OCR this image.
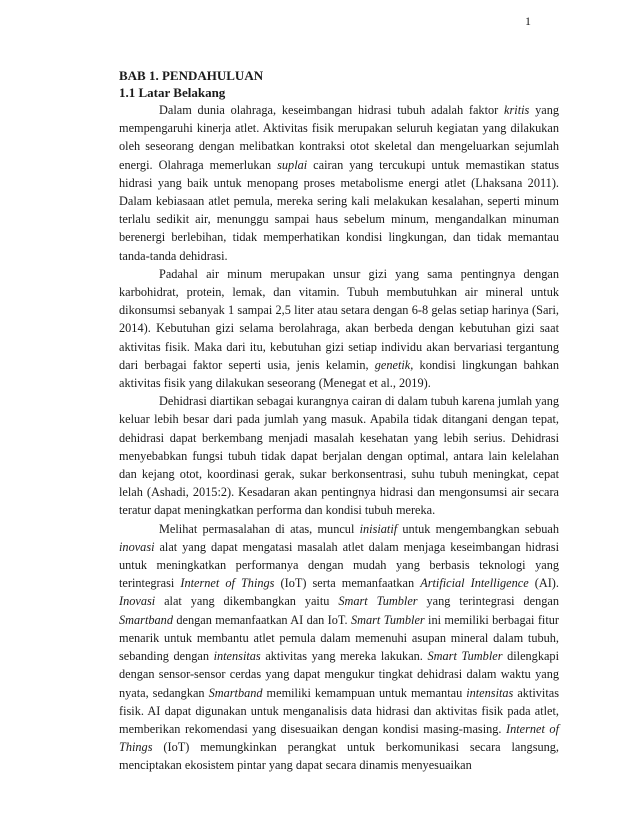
1

BAB 1. PENDAHULUAN

1.1 Latar Belakang

Dalam dunia olahraga, keseimbangan hidrasi tubuh adalah faktor kritis yang mempengaruhi kinerja atlet. Aktivitas fisik merupakan seluruh kegiatan yang dilakukan oleh seseorang dengan melibatkan kontraksi otot skeletal dan mengeluarkan sejumlah energi. Olahraga memerlukan suplai cairan yang tercukupi untuk memastikan status hidrasi yang baik untuk menopang proses metabolisme energi atlet (Lhaksana 2011). Dalam kebiasaan atlet pemula, mereka sering kali melakukan kesalahan, seperti minum terlalu sedikit air, menunggu sampai haus sebelum minum, mengandalkan minuman berenergi berlebihan, tidak memperhatikan kondisi lingkungan, dan tidak memantau tanda-tanda dehidrasi.

Padahal air minum merupakan unsur gizi yang sama pentingnya dengan karbohidrat, protein, lemak, dan vitamin. Tubuh membutuhkan air mineral untuk dikonsumsi sebanyak 1 sampai 2,5 liter atau setara dengan 6-8 gelas setiap harinya (Sari, 2014). Kebutuhan gizi selama berolahraga, akan berbeda dengan kebutuhan gizi saat aktivitas fisik. Maka dari itu, kebutuhan gizi setiap individu akan bervariasi tergantung dari berbagai faktor seperti usia, jenis kelamin, genetik, kondisi lingkungan bahkan aktivitas fisik yang dilakukan seseorang (Menegat et al., 2019).

Dehidrasi diartikan sebagai kurangnya cairan di dalam tubuh karena jumlah yang keluar lebih besar dari pada jumlah yang masuk. Apabila tidak ditangani dengan tepat, dehidrasi dapat berkembang menjadi masalah kesehatan yang lebih serius. Dehidrasi menyebabkan fungsi tubuh tidak dapat berjalan dengan optimal, antara lain kelelahan dan kejang otot, koordinasi gerak, sukar berkonsentrasi, suhu tubuh meningkat, cepat lelah (Ashadi, 2015:2). Kesadaran akan pentingnya hidrasi dan mengonsumsi air secara teratur dapat meningkatkan performa dan kondisi tubuh mereka.

Melihat permasalahan di atas, muncul inisiatif untuk mengembangkan sebuah inovasi alat yang dapat mengatasi masalah atlet dalam menjaga keseimbangan hidrasi untuk meningkatkan performanya dengan mudah yang berbasis teknologi yang terintegrasi Internet of Things (IoT) serta memanfaatkan Artificial Intelligence (AI). Inovasi alat yang dikembangkan yaitu Smart Tumbler yang terintegrasi dengan Smartband dengan memanfaatkan AI dan IoT. Smart Tumbler ini memiliki berbagai fitur menarik untuk membantu atlet pemula dalam memenuhi asupan mineral dalam tubuh, sebanding dengan intensitas aktivitas yang mereka lakukan. Smart Tumbler dilengkapi dengan sensor-sensor cerdas yang dapat mengukur tingkat dehidrasi dalam waktu yang nyata, sedangkan Smartband memiliki kemampuan untuk memantau intensitas aktivitas fisik. AI dapat digunakan untuk menganalisis data hidrasi dan aktivitas fisik pada atlet, memberikan rekomendasi yang disesuaikan dengan kondisi masing-masing. Internet of Things (IoT) memungkinkan perangkat untuk berkomunikasi secara langsung, menciptakan ekosistem pintar yang dapat secara dinamis menyesuaikan
